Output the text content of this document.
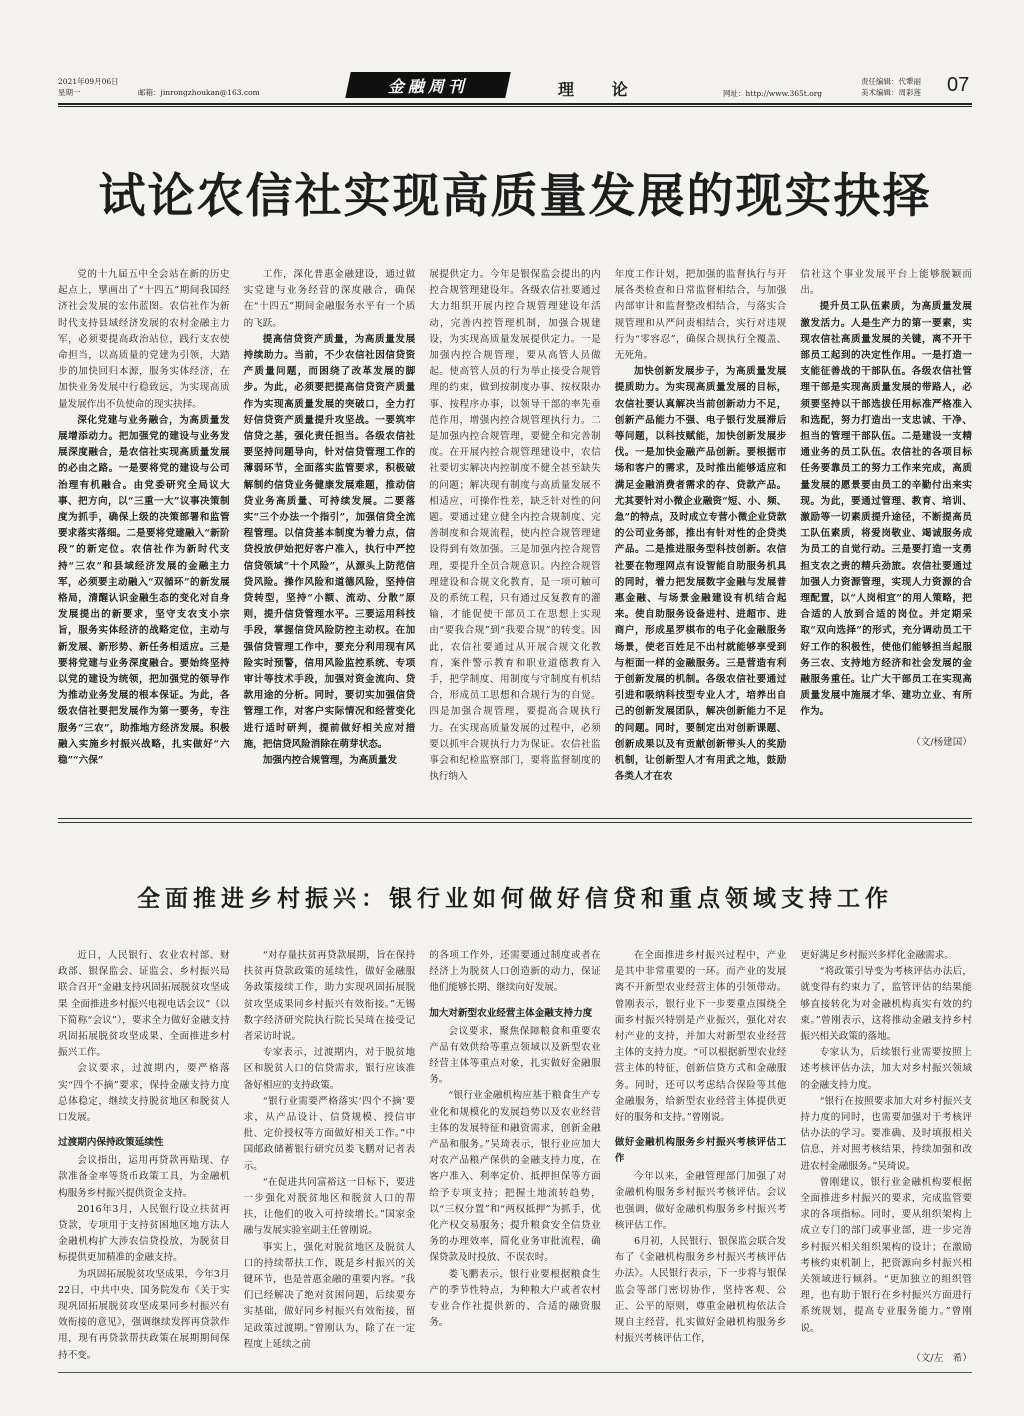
2021年09月06日
星期一	邮箱：jinrongzhoukan@163.com	金融周刊	理 论	网址：http://www.365t.org
责任编辑：代犟丽
美术编辑：周彩莲 07
试论农信社实现高质量发展的现实抉择

党的十九届五中全会站在新的历史起点上，擘画出了“十四五”期间我国经济社会发展的宏伟蓝图。农信社作为新时代支持县域经济发展的农村金融主力军，必须要提高政治站位，践行支农使命担当，以高质量的党建为引领，大踏步的加快回归本源，服务实体经济，在加快业务发展中行稳致远，为实现高质量发展作出不负使命的现实抉择。

深化党建与业务融合，为高质量发展增添动力。把加强党的建设与业务发展深度融合，是农信社实现高质量发展的必由之路。一是要将党的建设与公司治理有机融合。由党委研究全局议大事、把方向，以“三重一大”议事决策制度为抓手，确保上级的决策部署和监管要求落实落细。二是要将党建融入“新阶段”的新定位。农信社作为新时代支持“三农”和县域经济发展的金融主力军，必须要主动融入“双循环”的新发展格局，清醒认识金融生态的变化对自身发展提出的新要求，坚守支农支小宗旨，服务实体经济的战略定位，主动与新发展、新形势、新任务相适应。三是要将党建与业务深度融合。要始终坚持以党的建设为统领，把加强党的领导作为推动业务发展的根本保证。为此，各级农信社要把发展作为第一要务，专注服务“三农”，助推地方经济发展。积极融入实施乡村振兴战略，扎实做好“六稳”“六保”

工作，深化普惠金融建设，通过做实党建与业务经营的深度融合，确保在“十四五”期间金融服务水平有一个质的飞跃。

提高信贷资产质量，为高质量发展持续助力。当前，不少农信社因信贷资产质量问题，而困绕了改革发展的脚步。为此，必须要把提高信贷资产质量作为实现高质量发展的突破口，全力打好信贷资产质量提升攻坚战。一要筑牢信贷之基，强化责任担当。各级农信社要坚持问题导向，针对信贷管理工作的薄弱环节，全面落实监管要求，积极破解制约信贷业务健康发展难题，推动信贷业务高质量、可持续发展。二要落实“三个办法一个指引”，加强信贷全流程管理。以信贷基本制度为着力点，信贷投放伊始把好客户准入，执行中严控信贷领域“十个风险”，从源头上防范信贷风险。操作风险和道德风险，坚持信贷转型，坚持“小额、流动、分散”原则，提升信贷管理水平。三要运用科技手段，掌握信贷风险防控主动权。在加强信贷管理工作中，要充分利用现有风险实时预警，信用风险监控系统、专项审计等技术手段，加强对资金流向、贷款用途的分析。同时，要切实加强信贷管理工作，对客户实际情况和经营变化进行适时研判，提前做好相关应对措施，把信贷风险消除在萌芽状态。

加强内控合规管理，为高质量发

展提供定力。今年是银保监会提出的内控合规管理建设年。各级农信社要通过大力组织开展内控合规管理建设年活动，完善内控管理机制，加强合规建设，为实现高质量发展提供定力。一是加强内控合规管理，要从高管人员做起。使高管人员的行为举止接受合规管理的约束，做到按制度办事、按权限办事、按程序办事，以领导干部的率先垂范作用，增强内控合规管理执行力。二是加强内控合规管理，要健全和完善制度。在开展内控合规管理建设中，农信社要切实解决内控制度不健全甚至缺失的问题；解决现有制度与高质量发展不相适应，可操作性差，缺乏针对性的问题。要通过建立健全内控合规制度、完善制度和合规流程，使内控合规管理建设得到有效加强。三是加强内控合规管理，要提升全员合规意识。内控合规管理建设和合规文化教育，是一项可触可及的系统工程，只有通过反复教育的灌输，才能促使干部员工在思想上实现由“要我合规”到“我要合规”的转变。因此，农信社要通过从开展合规文化教育，案件警示教育和职业道德教育入手，把学制度、用制度与守制度有机结合，形成员工思想和合规行为的自觉。四是加强合规管理，要提高合规执行力。在实现高质量发展的过程中，必须要以抓牢合规执行力为保证。农信社监事会和纪检监察部门，要将监督制度的执行纳入

年度工作计划，把加强的监督执行与开展各类检查和日常监督相结合，与加强内部审计和监督整改相结合，与落实合规管理和从严问责相结合，实行对违规行为“零容忍”，确保合规执行全覆盖、无死角。

加快创新发展步子，为高质量发展提质助力。为实现高质量发展的目标，农信社要认真解决当前创新动力不足，创新产品能力不强、电子银行发展滞后等问题，以科技赋能，加快创新发展步伐。一是加快金融产品创新。要根据市场和客户的需求，及时推出能够适应和满足金融消费者需求的存、贷款产品。尤其要针对小微企业融资“短、小、频、急”的特点，及时成立专营小微企业贷款的公司业务部，推出有针对性的企贷类产品。二是推进服务型科技创新。农信社要在物理网点有设智能自助服务机具的同时，着力把发展数字金融与发展普惠金融、与场景金融建设有机结合起来。使自助服务设备进村、进超市、进商户，形成星罗棋布的电子化金融服务场景，使老百姓足不出村就能够享受到与柜面一样的金融服务。三是营造有利于创新发展的机制。各级农信社要通过引进和吸纳科技型专业人才，培养出自己的创新发展团队，解决创新能力不足的问题。同时，要制定出对创新课题、创新成果以及有贡献创新带头人的奖励机制，让创新型人才有用武之地，鼓励各类人才在农

信社这个事业发展平台上能够脱颖而出。

提升员工队伍素质，为高质量发展激发活力。人是生产力的第一要素，实现农信社高质量发展的关键，离不开干部员工起到的决定性作用。一是打造一支能征善战的干部队伍。各级农信社管理干部是实现高质量发展的带路人，必须要坚持以干部选拔任用标准严格准入和选配，努力打造出一支忠诚、干净、担当的管理干部队伍。二是建设一支精通业务的员工队伍。农信社的各项目标任务要靠员工的努力工作来完成，高质量发展的愿景要由员工的辛勤付出来实现。为此，要通过管理、教育、培训、激励等一切素质提升途径，不断提高员工队伍素质，将爱岗敬业、竭诚服务成为员工的自觉行动。三是要打造一支勇担支农之责的精兵劲旅。农信社要通过加强人力资源管理，实现人力资源的合理配置，以“人岗相宜”的用人策略，把合适的人放到合适的岗位。并定期采取“双向选择”的形式，充分调动员工干好工作的积极性，使他们能够担当起服务三农、支持地方经济和社会发展的金融服务重任。让广大干部员工在实现高质量发展中施展才华、建功立业、有所作为。

（文/杨建国）
全面推进乡村振兴：银行业如何做好信贷和重点领域支持工作

近日，人民银行、农业农村部、财政部、银保监会、证监会、乡村振兴局联合召开“金融支持巩固拓展脱贫攻坚成果 全面推进乡村振兴电视电话会议”（以下简称“会议”），要求全力做好金融支持巩固拓展脱贫攻坚成果、全面推进乡村振兴工作。

会议要求，过渡期内，要严格落实“四个不摘”要求，保持金融支持力度总体稳定，继续支持脱贫地区和脱贫人口发展。

过渡期内保持政策延续性

会议指出，运用再贷款再贴现、存款准备金率等货币政策工具，为金融机构服务乡村振兴提供资金支持。

2016年3月，人民银行设立扶贫再贷款，专项用于支持贫困地区地方法人金融机构扩大涉农信贷投放，为脱贫目标提供更加精准的金融支持。

为巩固拓展脱贫攻坚成果，今年3月22日，中共中央、国务院发布《关于实现巩固拓展脱贫攻坚成果同乡村振兴有效衔接的意见》，强调继续发挥再贷款作用，现有再贷款帮扶政策在展期期间保持不变。

“对存量扶贫再贷款展期，旨在保持扶贫再贷款政策的延续性，做好金融服务政策接续工作，助力实现巩固拓展脱贫攻坚成果同乡村振兴有效衔接。”无锡数字经济研究院执行院长吴琦在接受记者采访时说。

专家表示，过渡期内，对于脱贫地区和脱贫人口的信贷需求，银行应该准备好相应的支持政策。

“银行业需要严格落实‘四个不摘’要求，从产品设计、信贷规模、授信审批、定价授权等方面做好相关工作。”中国邮政储蓄银行研究员娄飞鹏对记者表示。

“在促进共同富裕这一目标下，要进一步强化对脱贫地区和脱贫人口的帮扶，让他们的收入可持续增长。”国家金融与发展实验室副主任曾刚说。

事实上，强化对脱贫地区及脱贫人口的持续帮扶工作，既是乡村振兴的关键环节，也是普惠金融的重要内容。“我们已经解决了绝对贫困问题，后续要夯实基础，做好同乡村振兴有效衔接，留足政策过渡期。”曾刚认为，除了在一定程度上延续之前

的各项工作外，还需要通过制度或者在经济上为脱贫人口创造新的动力，保证他们能够长期、继续向好发展。

加大对新型农业经营主体金融支持力度

会议要求，聚焦保障粮食和重要农产品有效供给等重点领域以及新型农业经营主体等重点对象，扎实做好金融服务。

“银行业金融机构应基于粮食生产专业化和规模化的发展趋势以及农业经营主体的发展特征和融资需求，创新金融产品和服务。”吴琦表示，银行业应加大对农产品粮产保供的金融支持力度，在客户准入、利率定价、抵押担保等方面给予专项支持；把握土地流转趋势，以“三权分置”和“两权抵押”为抓手，优化产权交易服务；提升粮食安全信贷业务的办理效率，简化业务审批流程，确保贷款及时投放、不误农时。

娄飞鹏表示，银行业要根据粮食生产的季节性特点，为种粮大户或者农村专业合作社提供新的、合适的融资服务。

在全面推进乡村振兴过程中，产业是其中非常重要的一环。而产业的发展离不开新型农业经营主体的引领带动。曾刚表示，银行业下一步要重点围绕全面乡村振兴特别是产业振兴，强化对农村产业的支持，并加大对新型农业经营主体的支持力度。“可以根据新型农业经营主体的特征，创新信贷方式和金融服务。同时，还可以考虑结合保险等其他金融服务，给新型农业经营主体提供更好的服务和支持。”曾刚说。

做好金融机构服务乡村振兴考核评估工作

今年以来，金融管理部门加强了对金融机构服务乡村振兴考核评估。会议也强调，做好金融机构服务乡村振兴考核评估工作。

6月初，人民银行、银保监会联合发布了《金融机构服务乡村振兴考核评估办法》。人民银行表示，下一步将与银保监会等部门密切协作，坚持客观、公正、公平的原则，尊重金融机构依法合规自主经营，扎实做好金融机构服务乡村振兴考核评估工作，

更好满足乡村振兴多样化金融需求。

“将政策引导变为考核评估办法后，就变得有约束力了，监管评估的结果能够直接转化为对金融机构真实有效的约束。”曾刚表示，这将推动金融支持乡村振兴相关政策的落地。

专家认为，后续银行业需要按照上述考核评估办法，加大对乡村振兴领域的金融支持力度。

“银行在按照要求加大对乡村振兴支持力度的同时，也需要加强对于考核评估办法的学习。要准确、及时填报相关信息，并对照考核结果，持续加强和改进农村金融服务。”吴琦说。

曾刚建议，银行业金融机构要根据全面推进乡村振兴的要求，完成监管要求的各项指标。同时，要从组织架构上成立专门的部门或事业部，进一步完善乡村振兴相关组织架构的设计；在激励考核约束机制上，把资源向乡村振兴相关领域进行倾斜。“更加独立的组织管理，也有助于银行在乡村振兴方面进行系统规划，提高专业服务能力。”曾刚说。

（文/左　希）
